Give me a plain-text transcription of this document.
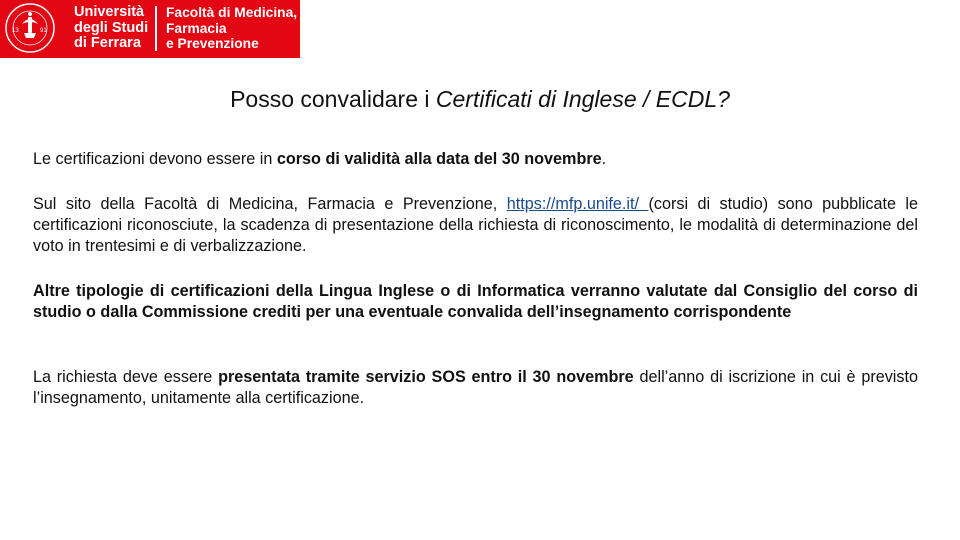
13	91
Università
degli Studi
di Ferrara
Facoltà di Medicina,
Farmacia
e Prevenzione
Posso convalidare i Certificati di Inglese / ECDL?
Le certificazioni devono essere in corso di validità alla data del 30 novembre.
Sul sito della Facoltà di Medicina, Farmacia e Prevenzione, https://mfp.unife.it/ (corsi di studio) sono pubblicate le certificazioni riconosciute, la scadenza di presentazione della richiesta di riconoscimento, le modalità di determinazione del voto in trentesimi e di verbalizzazione.
Altre tipologie di certificazioni della Lingua Inglese o di Informatica verranno valutate dal Consiglio del corso di studio o dalla Commissione crediti per una eventuale convalida dell’insegnamento corrispondente
La richiesta deve essere presentata tramite servizio SOS entro il 30 novembre dell’anno di iscrizione in cui è previsto l’insegnamento, unitamente alla certificazione.
